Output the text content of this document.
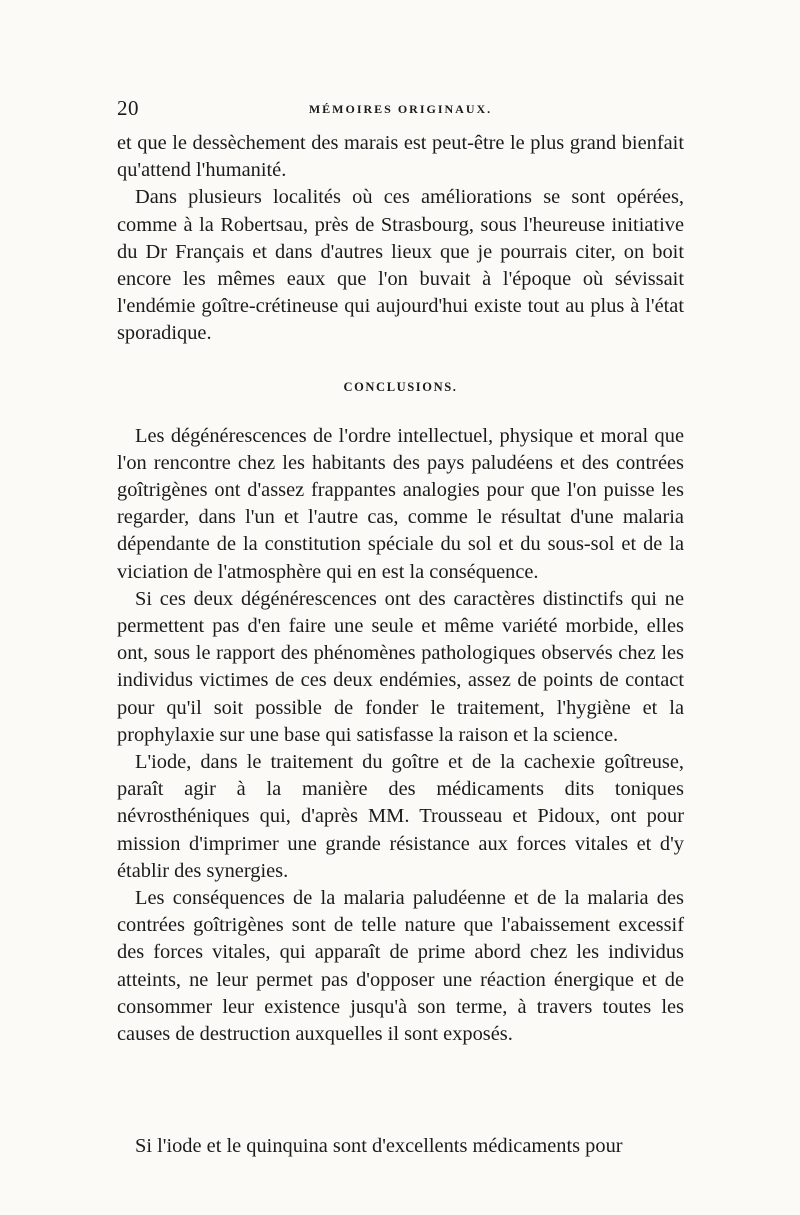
20	MÉMOIRES ORIGINAUX.

et que le dessèchement des marais est peut-être le plus grand bienfait qu'attend l'humanité.

Dans plusieurs localités où ces améliorations se sont opérées, comme à la Robertsau, près de Strasbourg, sous l'heureuse initiative du Dr Français et dans d'autres lieux que je pourrais citer, on boit encore les mêmes eaux que l'on buvait à l'époque où sévissait l'endémie goître-crétineuse qui aujourd'hui existe tout au plus à l'état sporadique.

CONCLUSIONS.

Les dégénérescences de l'ordre intellectuel, physique et moral que l'on rencontre chez les habitants des pays paludéens et des contrées goîtrigènes ont d'assez frappantes analogies pour que l'on puisse les regarder, dans l'un et l'autre cas, comme le résultat d'une malaria dépendante de la constitution spéciale du sol et du sous-sol et de la viciation de l'atmosphère qui en est la conséquence.

Si ces deux dégénérescences ont des caractères distinctifs qui ne permettent pas d'en faire une seule et même variété morbide, elles ont, sous le rapport des phénomènes pathologiques observés chez les individus victimes de ces deux endémies, assez de points de contact pour qu'il soit possible de fonder le traitement, l'hygiène et la prophylaxie sur une base qui satisfasse la raison et la science.

L'iode, dans le traitement du goître et de la cachexie goîtreuse, paraît agir à la manière des médicaments dits toniques névrosthéniques qui, d'après MM. Trousseau et Pidoux, ont pour mission d'imprimer une grande résistance aux forces vitales et d'y établir des synergies.

Les conséquences de la malaria paludéenne et de la malaria des contrées goîtrigènes sont de telle nature que l'abaissement excessif des forces vitales, qui apparaît de prime abord chez les individus atteints, ne leur permet pas d'opposer une réaction énergique et de consommer leur existence jusqu'à son terme, à travers toutes les causes de destruction auxquelles il sont exposés.

Si l'iode et le quinquina sont d'excellents médicaments pour
